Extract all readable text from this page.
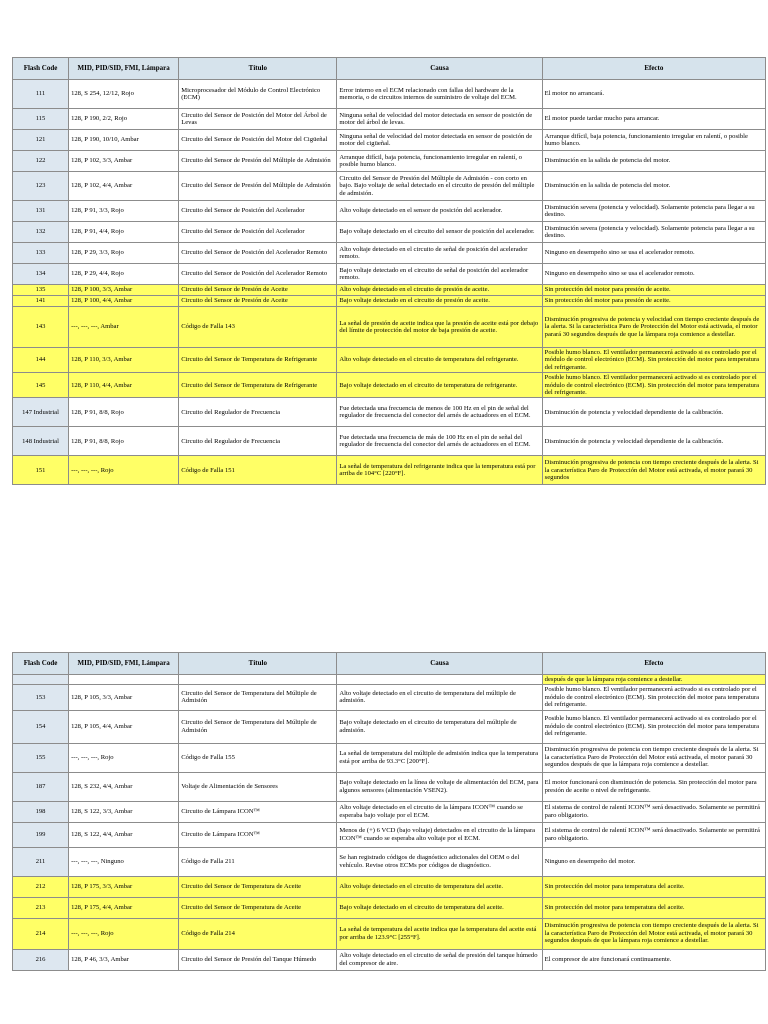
Flash Code	MID, PID/SID, FMI, Lámpara	Título	Causa	Efecto
111	128, S 254, 12/12, Rojo	Microprocesador del Módulo de Control Electrónico (ECM)	Error interno en el ECM relacionado con fallas del hardware de la memoria, o de circuitos internos de suministro de voltaje del ECM.	El motor no arrancará.
115	128, P 190, 2/2, Rojo	Circuito del Sensor de Posición del Motor del Árbol de Levas	Ninguna señal de velocidad del motor detectada en sensor de posición de motor del árbol de levas.	El motor puede tardar mucho para arrancar.
121	128, P 190, 10/10, Ambar	Circuito del Sensor de Posición del Motor del Cigüeñal	Ninguna señal de velocidad del motor detectada en sensor de posición de motor del cigüeñal.	Arranque difícil, baja potencia, funcionamiento irregular en ralentí, o posible humo blanco.
122	128, P 102, 3/3, Ambar	Circuito del Sensor de Presión del Múltiple de Admisión	Arranque difícil, baja potencia, funcionamiento irregular en ralentí, o posible humo blanco.	Disminución en la salida de potencia del motor.
123	128, P 102, 4/4, Ambar	Circuito del Sensor de Presión del Múltiple de Admisión	Circuito del Sensor de Presión del Múltiple de Admisión - con corto en bajo. Bajo voltaje de señal detectado en el circuito de presión del múltiple de admisión.	Disminución en la salida de potencia del motor.
131	128, P 91, 3/3, Rojo	Circuito del Sensor de Posición del Acelerador	Alto voltaje detectado en el sensor de posición del acelerador.	Disminución severa (potencia y velocidad). Solamente potencia para llegar a su destino.
132	128, P 91, 4/4, Rojo	Circuito del Sensor de Posición del Acelerador	Bajo voltaje detectado en el circuito del sensor de posición del acelerador.	Disminución severa (potencia y velocidad). Solamente potencia para llegar a su destino.
133	128, P 29, 3/3, Rojo	Circuito del Sensor de Posición del Acelerador Remoto	Alto voltaje detectado en el circuito de señal de posición del acelerador remoto.	Ninguno en desempeño sino se usa el acelerador remoto.
134	128, P 29, 4/4, Rojo	Circuito del Sensor de Posición del Acelerador Remoto	Bajo voltaje detectado en el circuito de señal de posición del acelerador remoto.	Ninguno en desempeño sino se usa el acelerador remoto.
135	128, P 100, 3/3, Ambar	Circuito del Sensor de Presión de Aceite	Alto voltaje detectado en el circuito de presión de aceite.	Sin protección del motor para presión de aceite.
141	128, P 100, 4/4, Ambar	Circuito del Sensor de Presión de Aceite	Bajo voltaje detectado en el circuito de presión de aceite.	Sin protección del motor para presión de aceite.
143	---, ---, ---, Ambar	Código de Falla 143	La señal de presión de aceite indica que la presión de aceite está por debajo del límite de protección del motor de baja presión de aceite.	Disminución progresiva de potencia y velocidad con tiempo creciente después de la alerta. Si la característica Paro de Protección del Motor está activada, el motor parará 30 segundos después de que la lámpara roja comience a destellar.
144	128, P 110, 3/3, Ambar	Circuito del Sensor de Temperatura de Refrigerante	Alto voltaje detectado en el circuito de temperatura del refrigerante.	Posible humo blanco. El ventilador permanecerá activado si es controlado por el módulo de control electrónico (ECM). Sin protección del motor para temperatura del refrigerante.
145	128, P 110, 4/4, Ambar	Circuito del Sensor de Temperatura de Refrigerante	Bajo voltaje detectado en el circuito de temperatura de refrigerante.	Posible humo blanco. El ventilador permanecerá activado si es controlado por el módulo de control electrónico (ECM). Sin protección del motor para temperatura del refrigerante.
147 Industrial	128, P 91, 8/8, Rojo	Circuito del Regulador de Frecuencia	Fue detectada una frecuencia de menos de 100 Hz en el pin de señal del regulador de frecuencia del conector del arnés de actuadores en el ECM.	Disminución de potencia y velocidad dependiente de la calibración.
148 Industrial	128, P 91, 8/8, Rojo	Circuito del Regulador de Frecuencia	Fue detectada una frecuencia de más de 100 Hz en el pin de señal del regulador de frecuencia del conector del arnés de actuadores en el ECM.	Disminución de potencia y velocidad dependiente de la calibración.
151	---, ---, ---, Rojo	Código de Falla 151	La señal de temperatura del refrigerante indica que la temperatura está por arriba de 104°C [220°F].	Disminución progresiva de potencia con tiempo creciente después de la alerta. Si la característica Paro de Protección del Motor está activada, el motor parará 30 segundos
Flash Code	MID, PID/SID, FMI, Lámpara	Título	Causa	Efecto
				después de que la lámpara roja comience a destellar.
153	128, P 105, 3/3, Ambar	Circuito del Sensor de Temperatura del Múltiple de Admisión	Alto voltaje detectado en el circuito de temperatura del múltiple de admisión.	Posible humo blanco. El ventilador permanecerá activado si es controlado por el módulo de control electrónico (ECM). Sin protección del motor para temperatura del refrigerante.
154	128, P 105, 4/4, Ambar	Circuito del Sensor de Temperatura del Múltiple de Admisión	Bajo voltaje detectado en el circuito de temperatura del múltiple de admisión.	Posible humo blanco. El ventilador permanecerá activado si es controlado por el módulo de control electrónico (ECM). Sin protección del motor para temperatura del refrigerante.
155	---, ---, ---, Rojo	Código de Falla 155	La señal de temperatura del múltiple de admisión indica que la temperatura está por arriba de 93.3°C [200°F].	Disminución progresiva de potencia con tiempo creciente después de la alerta. Si la característica Paro de Protección del Motor está activada, el motor parará 30 segundos después de que la lámpara roja comience a destellar.
187	128, S 232, 4/4, Ambar	Voltaje de Alimentación de Sensores	Bajo voltaje detectado en la línea de voltaje de alimentación del ECM, para algunos sensores (alimentación VSEN2).	El motor funcionará con disminución de potencia. Sin protección del motor para presión de aceite o nivel de refrigerante.
198	128, S 122, 3/3, Ambar	Circuito de Lámpara ICON™	Alto voltaje detectado en el circuito de la lámpara ICON™ cuando se esperaba bajo voltaje por el ECM.	El sistema de control de ralentí ICON™ será desactivado. Solamente se permitirá paro obligatorio.
199	128, S 122, 4/4, Ambar	Circuito de Lámpara ICON™	Menos de (+) 6 VCD (bajo voltaje) detectados en el circuito de la lámpara ICON™ cuando se esperaba alto voltaje por el ECM.	El sistema de control de ralentí ICON™ será desactivado. Solamente se permitirá paro obligatorio.
211	---, ---, ---, Ninguno	Código de Falla 211	Se han registrado códigos de diagnóstico adicionales del OEM o del vehículo. Revise otros ECMs por códigos de diagnóstico.	Ninguno en desempeño del motor.
212	128, P 175, 3/3, Ambar	Circuito del Sensor de Temperatura de Aceite	Alto voltaje detectado en el circuito de temperatura del aceite.	Sin protección del motor para temperatura del aceite.
213	128, P 175, 4/4, Ambar	Circuito del Sensor de Temperatura de Aceite	Bajo voltaje detectado en el circuito de temperatura del aceite.	Sin protección del motor para temperatura del aceite.
214	---, ---, ---, Rojo	Código de Falla 214	La señal de temperatura del aceite indica que la temperatura del aceite está por arriba de 123.9°C [255°F].	Disminución progresiva de potencia con tiempo creciente después de la alerta. Si la característica Paro de Protección del Motor está activada, el motor parará 30 segundos después de que la lámpara roja comience a destellar.
216	128, P 46, 3/3, Ambar	Circuito del Sensor de Presión del Tanque Húmedo	Alto voltaje detectado en el circuito de señal de presión del tanque húmedo del compresor de aire.	El compresor de aire funcionará continuamente.
